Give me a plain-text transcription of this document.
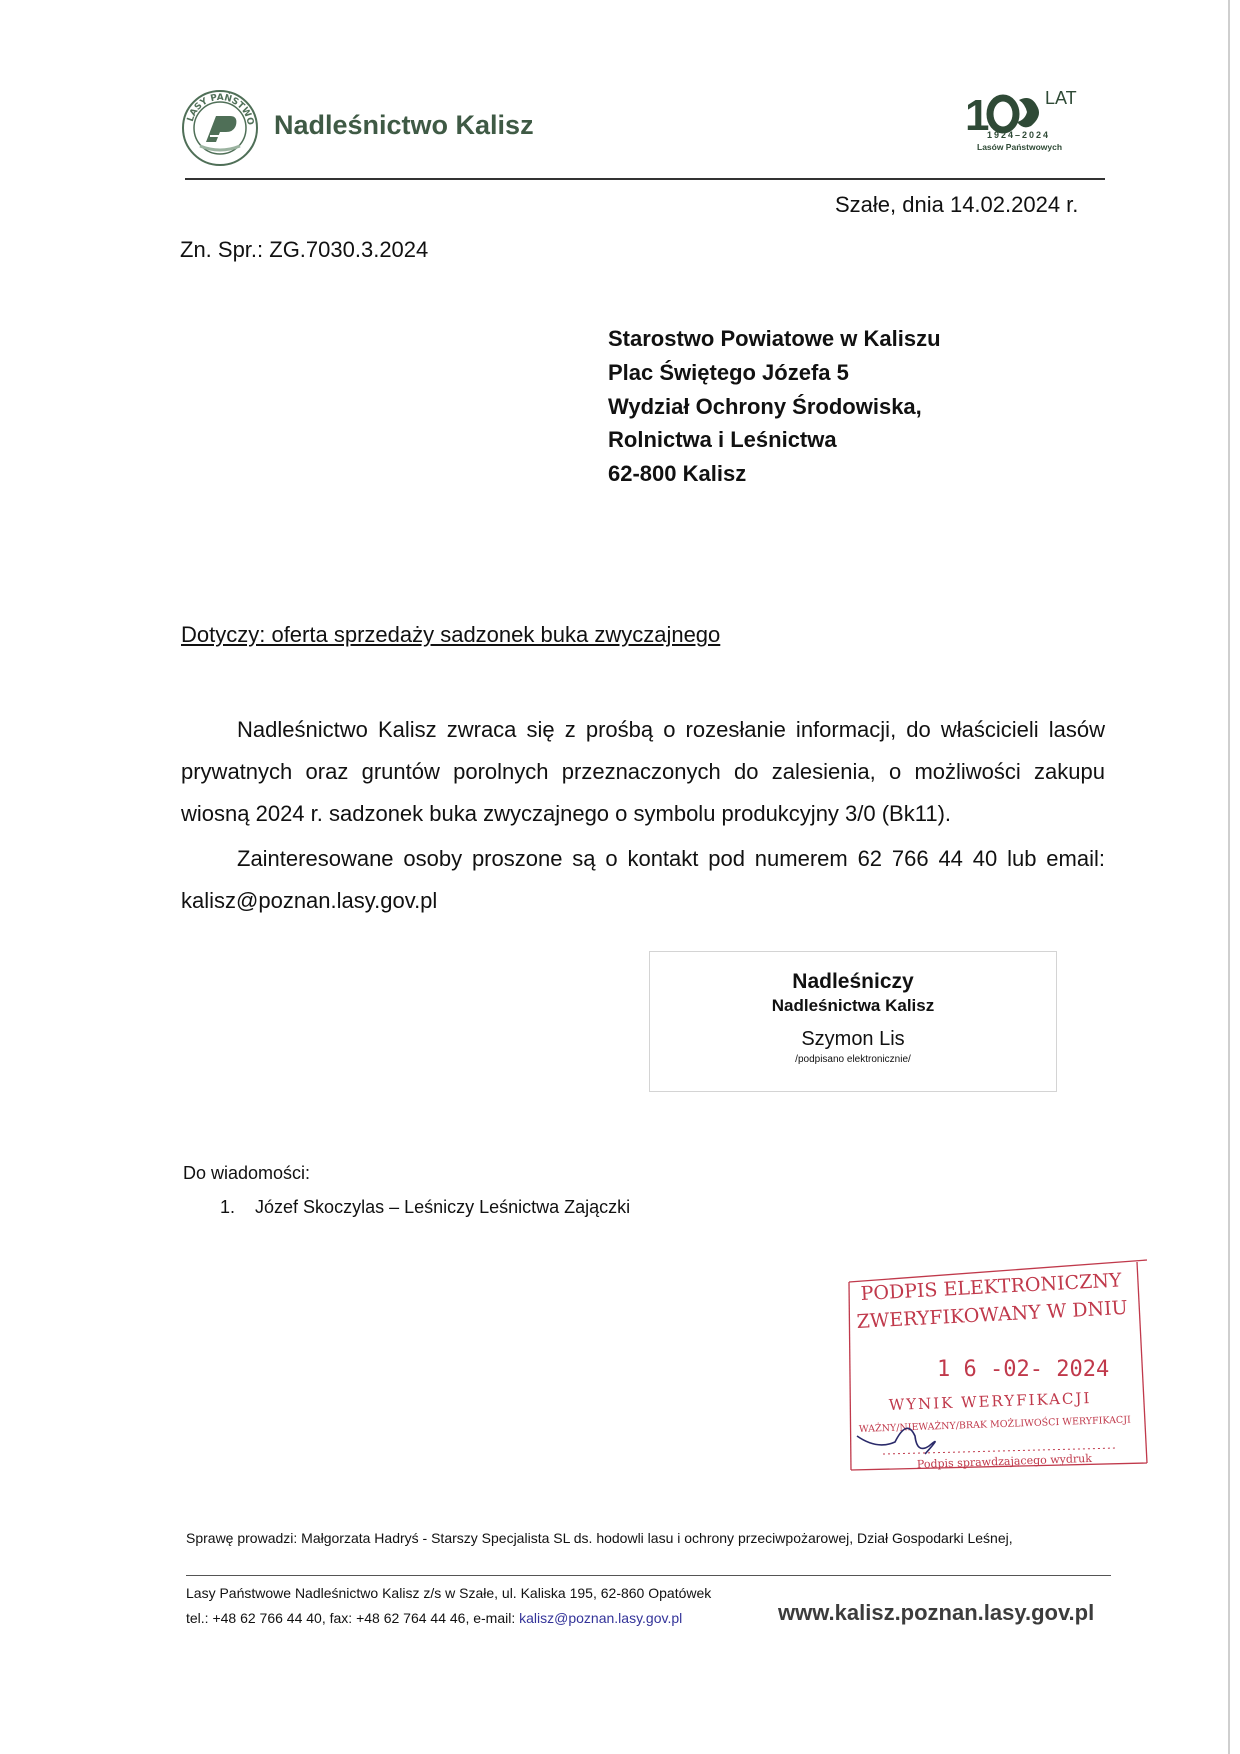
LASY PAŃSTWO Nadleśnictwo Kalisz	1	LAT
1924–2024
Lasów Państwowych
Szałe, dnia 14.02.2024 r.
Zn. Spr.: ZG.7030.3.2024
Starostwo Powiatowe w Kaliszu
Plac Świętego Józefa 5
Wydział Ochrony Środowiska,
Rolnictwa i Leśnictwa
62-800 Kalisz
Dotyczy: oferta sprzedaży sadzonek buka zwyczajnego
Nadleśnictwo Kalisz zwraca się z prośbą o rozesłanie informacji, do właścicieli lasów prywatnych oraz gruntów porolnych przeznaczonych do zalesienia, o możliwości zakupu wiosną 2024 r. sadzonek buka zwyczajnego o symbolu produkcyjny 3/0 (Bk11).
Zainteresowane osoby proszone są o kontakt pod numerem 62 766 44 40 lub email: kalisz@poznan.lasy.gov.pl
Nadleśniczy
Nadleśnictwa Kalisz
Szymon Lis
/podpisano elektronicznie/
Do wiadomości:
1. Józef Skoczylas – Leśniczy Leśnictwa Zajączki
PODPIS ELEKTRONICZNY
ZWERYFIKOWANY W DNIU
1 6 -02- 2024
WYNIK WERYFIKACJI
WAŻNY/NIEWAŻNY/BRAK MOŻLIWOŚCI WERYFIKACJI
Podpis sprawdzającego wydruk
Sprawę prowadzi: Małgorzata Hadryś - Starszy Specjalista SL ds. hodowli lasu i ochrony przeciwpożarowej, Dział Gospodarki Leśnej,
Lasy Państwowe Nadleśnictwo Kalisz z/s w Szałe, ul. Kaliska 195, 62-860 Opatówek
tel.: +48 62 766 44 40, fax: +48 62 764 44 46, e-mail: kalisz@poznan.lasy.gov.pl	www.kalisz.poznan.lasy.gov.pl
